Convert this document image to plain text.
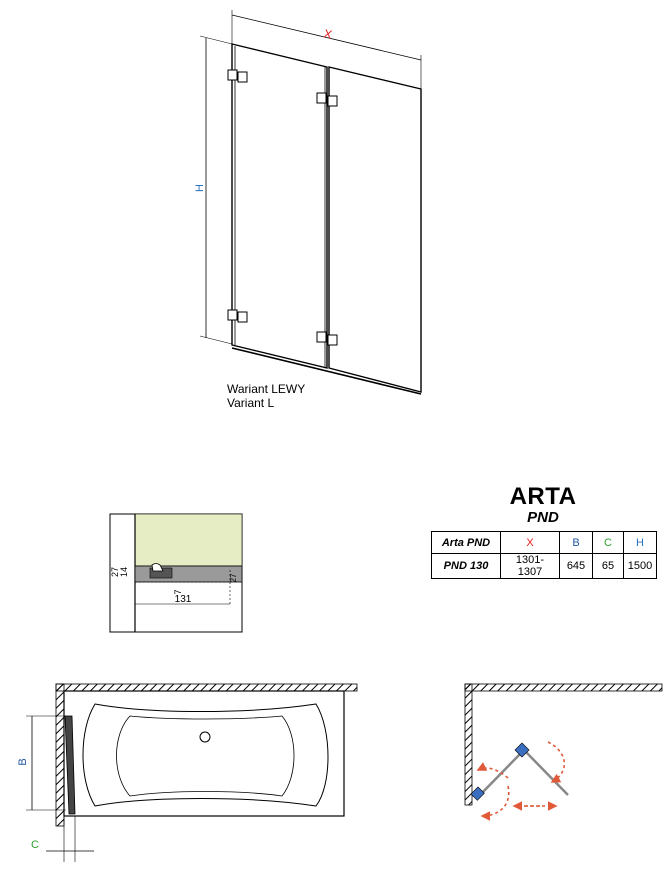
X
H
27 14
7
27
131
B
C
Wariant LEWY
Variant L
ARTA
PND
Arta PND	X	B	C	H
PND 130	1301-1307	645	65	1500
